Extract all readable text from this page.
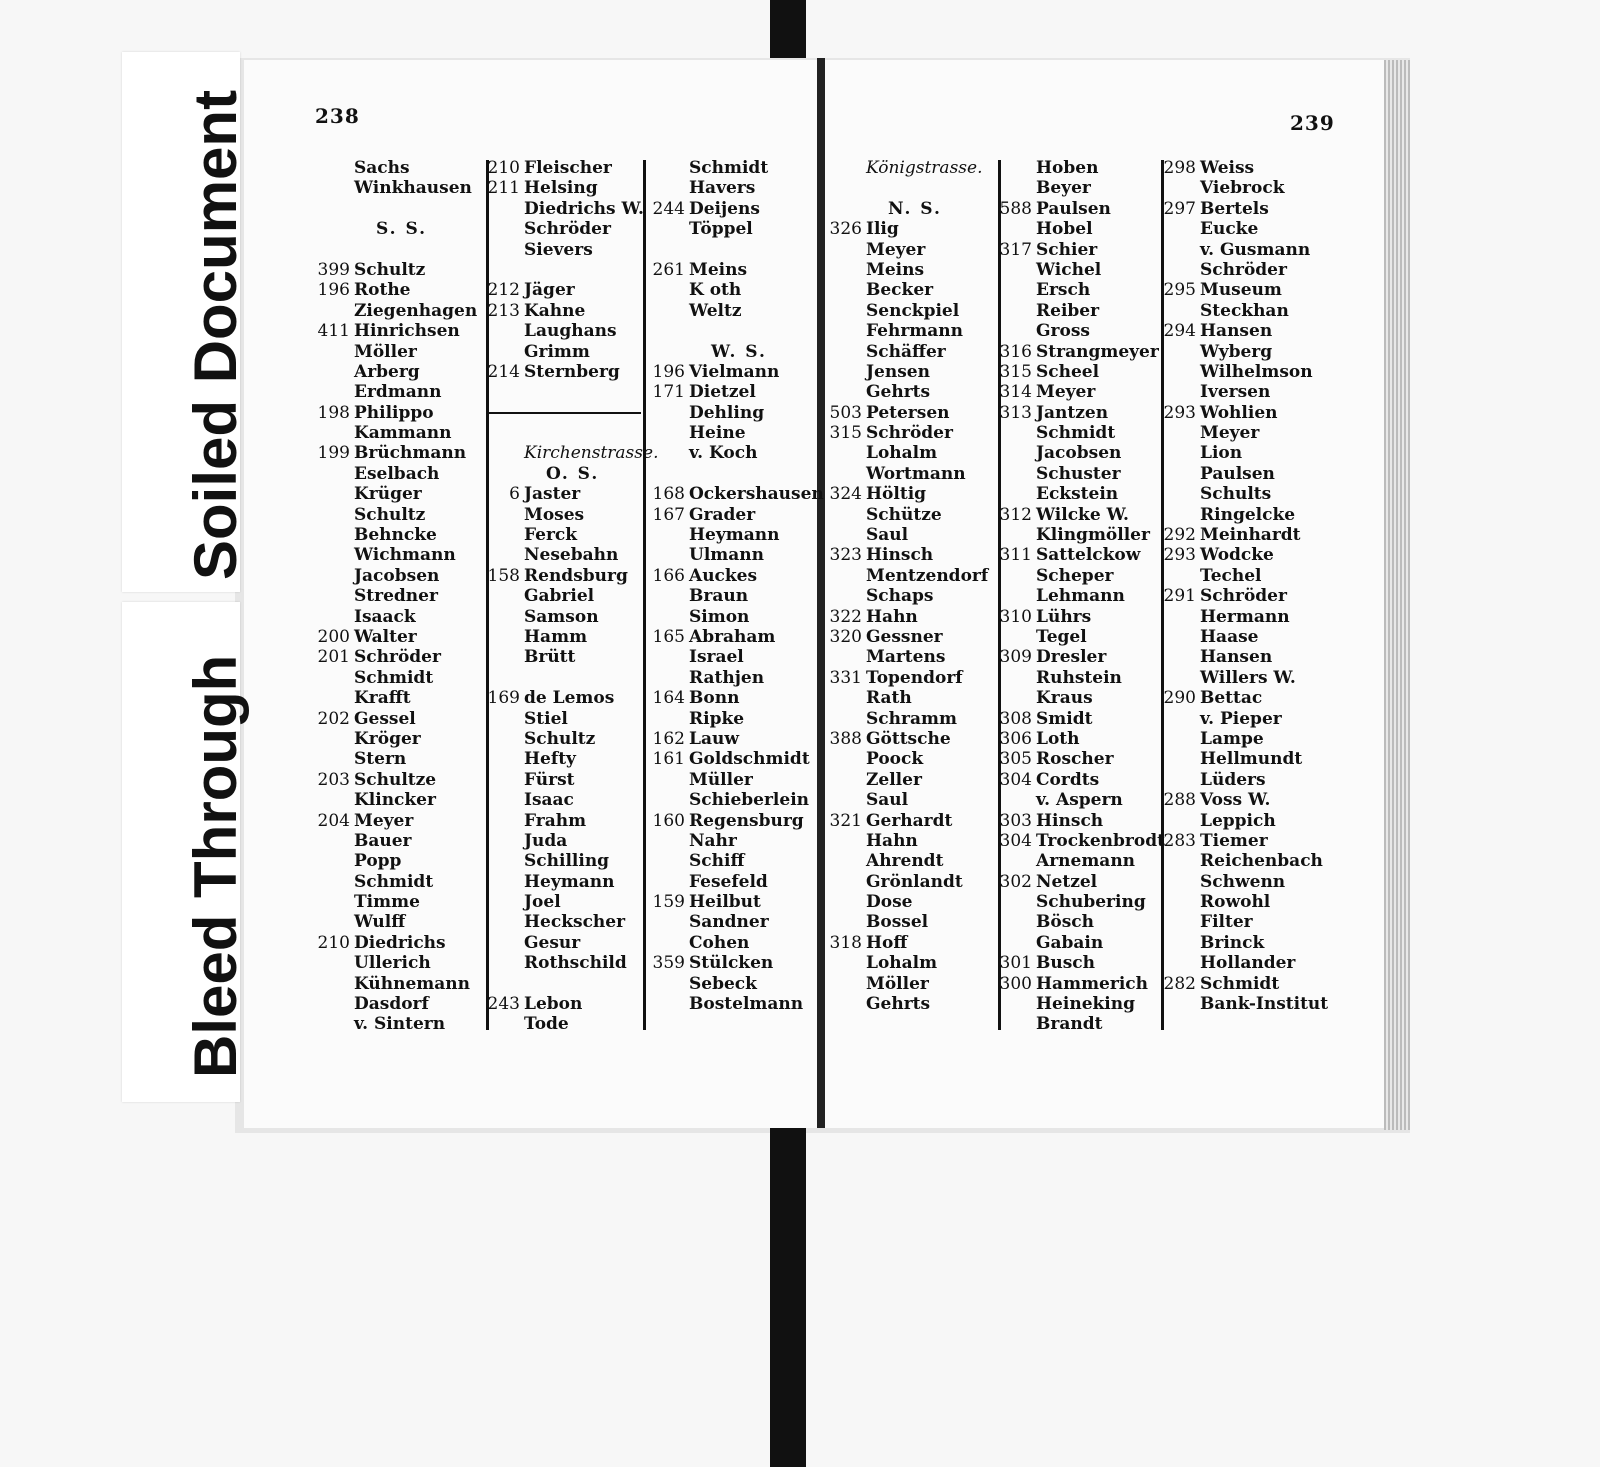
Soiled Document
Bleed Through
238	239
Sachs
Winkhausen
S. S.
399 Schultz
196 Rothe
Ziegenhagen
411 Hinrichsen
Möller
Arberg
Erdmann
198 Philippo
Kammann
199 Brüchmann
Eselbach
Krüger
Schultz
Behncke
Wichmann
Jacobsen
Stredner
Isaack
200 Walter
201 Schröder
Schmidt
Krafft
202 Gessel
Kröger
Stern
203 Schultze
Klincker
204 Meyer
Bauer
Popp
Schmidt
Timme
Wulff
210 Diedrichs
Ullerich
Kühnemann
Dasdorf
v. Sintern
210 Fleischer
211 Helsing
Diedrichs W.
Schröder
Sievers
212 Jäger
213 Kahne
Laughans
Grimm
214 Sternberg
Kirchenstrasse.
O. S.
6 Jaster
Moses
Ferck
Nesebahn
158 Rendsburg
Gabriel
Samson
Hamm
Brütt
169 de Lemos
Stiel
Schultz
Hefty
Fürst
Isaac
Frahm
Juda
Schilling
Heymann
Joel
Heckscher
Gesur
Rothschild
243 Lebon
Tode
Schmidt
Havers
244 Deijens
Töppel
261 Meins
K oth
Weltz
W. S.
196 Vielmann
171 Dietzel
Dehling
Heine
v. Koch
168 Ockershausen
167 Grader
Heymann
Ulmann
166 Auckes
Braun
Simon
165 Abraham
Israel
Rathjen
164 Bonn
Ripke
162 Lauw
161 Goldschmidt
Müller
Schieberlein
160 Regensburg
Nahr
Schiff
Fesefeld
159 Heilbut
Sandner
Cohen
359 Stülcken
Sebeck
Bostelmann
Königstrasse.
N. S.
326 Ilig
Meyer
Meins
Becker
Senckpiel
Fehrmann
Schäffer
Jensen
Gehrts
503 Petersen
315 Schröder
Lohalm
Wortmann
324 Höltig
Schütze
Saul
323 Hinsch
Mentzendorf
Schaps
322 Hahn
320 Gessner
Martens
331 Topendorf
Rath
Schramm
388 Göttsche
Poock
Zeller
Saul
321 Gerhardt
Hahn
Ahrendt
Grönlandt
Dose
Bossel
318 Hoff
Lohalm
Möller
Gehrts
Hoben
Beyer
588 Paulsen
Hobel
317 Schier
Wichel
Ersch
Reiber
Gross
316 Strangmeyer
315 Scheel
314 Meyer
313 Jantzen
Schmidt
Jacobsen
Schuster
Eckstein
312 Wilcke W.
Klingmöller
311 Sattelckow
Scheper
Lehmann
310 Lührs
Tegel
309 Dresler
Ruhstein
Kraus
308 Smidt
306 Loth
305 Roscher
304 Cordts
v. Aspern
303 Hinsch
304 Trockenbrodt
Arnemann
302 Netzel
Schubering
Bösch
Gabain
301 Busch
300 Hammerich
Heineking
Brandt
298 Weiss
Viebrock
297 Bertels
Eucke
v. Gusmann
Schröder
295 Museum
Steckhan
294 Hansen
Wyberg
Wilhelmson
Iversen
293 Wohlien
Meyer
Lion
Paulsen
Schults
Ringelcke
292 Meinhardt
293 Wodcke
Techel
291 Schröder
Hermann
Haase
Hansen
Willers W.
290 Bettac
v. Pieper
Lampe
Hellmundt
Lüders
288 Voss W.
Leppich
283 Tiemer
Reichenbach
Schwenn
Rowohl
Filter
Brinck
Hollander
282 Schmidt
Bank-Institut
